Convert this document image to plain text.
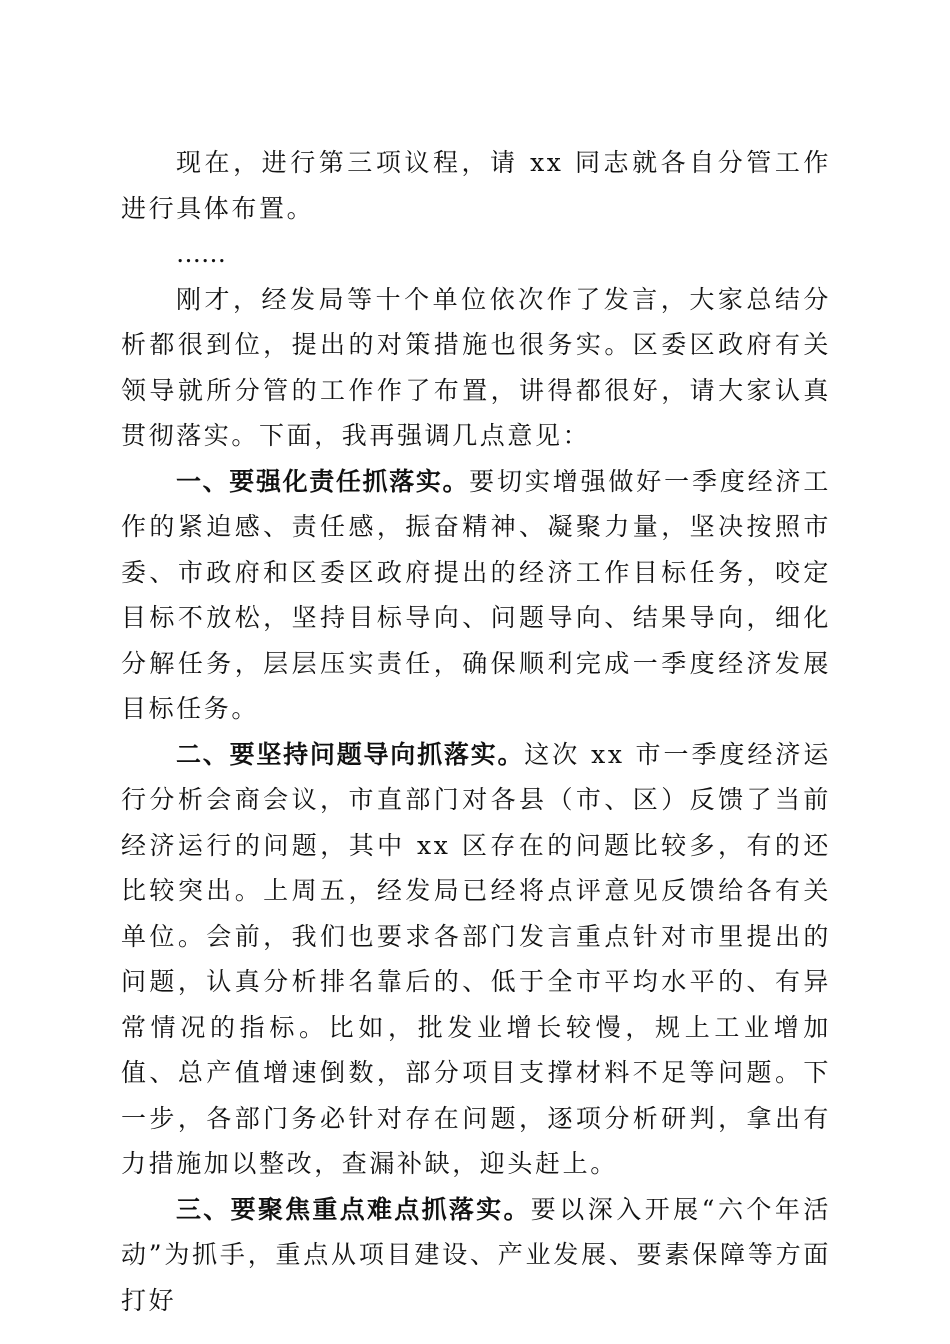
现在，进行第三项议程，请 xx 同志就各自分管工作进行具体布置。

……

刚才，经发局等十个单位依次作了发言，大家总结分析都很到位，提出的对策措施也很务实。区委区政府有关领导就所分管的工作作了布置，讲得都很好，请大家认真贯彻落实。下面，我再强调几点意见：

一、要强化责任抓落实。要切实增强做好一季度经济工作的紧迫感、责任感，振奋精神、凝聚力量，坚决按照市委、市政府和区委区政府提出的经济工作目标任务，咬定目标不放松，坚持目标导向、问题导向、结果导向，细化分解任务，层层压实责任，确保顺利完成一季度经济发展目标任务。

二、要坚持问题导向抓落实。这次 xx 市一季度经济运行分析会商会议，市直部门对各县（市、区）反馈了当前经济运行的问题，其中 xx 区存在的问题比较多，有的还比较突出。上周五，经发局已经将点评意见反馈给各有关单位。会前，我们也要求各部门发言重点针对市里提出的问题，认真分析排名靠后的、低于全市平均水平的、有异常情况的指标。比如，批发业增长较慢，规上工业增加值、总产值增速倒数，部分项目支撑材料不足等问题。下一步，各部门务必针对存在问题，逐项分析研判，拿出有力措施加以整改，查漏补缺，迎头赶上。

三、要聚焦重点难点抓落实。要以深入开展“六个年活动”为抓手，重点从项目建设、产业发展、要素保障等方面打好
